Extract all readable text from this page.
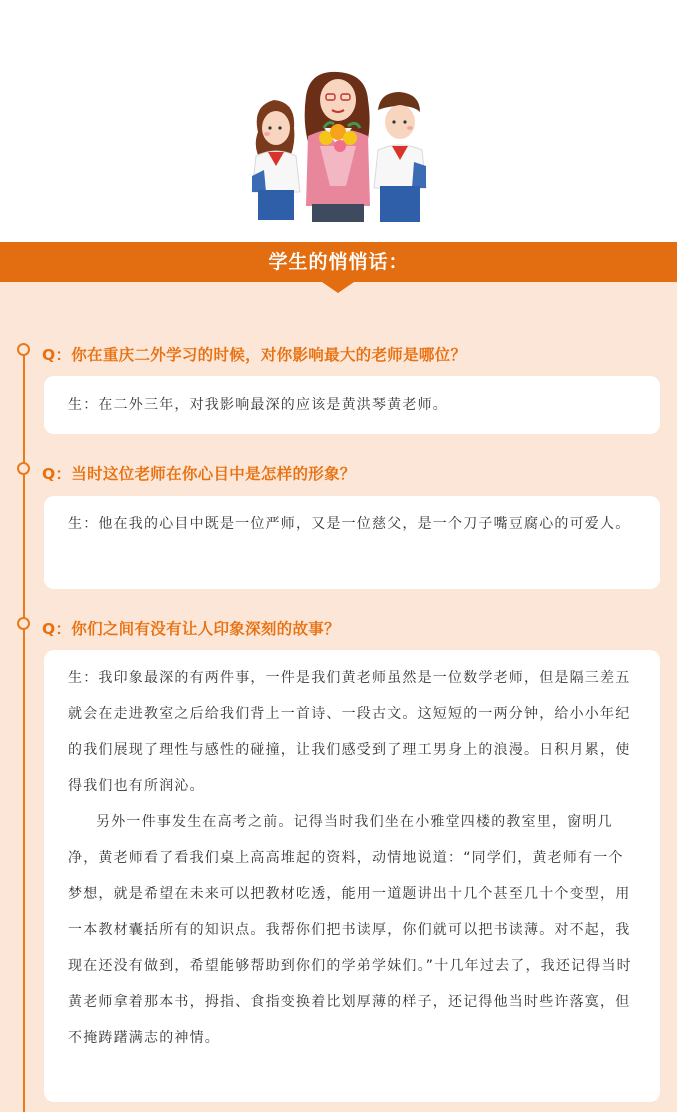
学生的悄悄话：
Q：你在重庆二外学习的时候，对你影响最大的老师是哪位？

生：在二外三年，对我影响最深的应该是黄洪琴黄老师。

Q：当时这位老师在你心目中是怎样的形象？

生：他在我的心目中既是一位严师，又是一位慈父，是一个刀子嘴豆腐心的可爱人。

Q：你们之间有没有让人印象深刻的故事？

生：我印象最深的有两件事，一件是我们黄老师虽然是一位数学老师，但是隔三差五就会在走进教室之后给我们背上一首诗、一段古文。这短短的一两分钟，给小小年纪的我们展现了理性与感性的碰撞，让我们感受到了理工男身上的浪漫。日积月累，使得我们也有所润沁。

另外一件事发生在高考之前。记得当时我们坐在小雅堂四楼的教室里，窗明几净，黄老师看了看我们桌上高高堆起的资料，动情地说道：“同学们，黄老师有一个梦想，就是希望在未来可以把教材吃透，能用一道题讲出十几个甚至几十个变型，用一本教材囊括所有的知识点。我帮你们把书读厚，你们就可以把书读薄。对不起，我现在还没有做到，希望能够帮助到你们的学弟学妹们。”十几年过去了，我还记得当时黄老师拿着那本书，拇指、食指变换着比划厚薄的样子，还记得他当时些许落寞，但不掩踌躇满志的神情。
